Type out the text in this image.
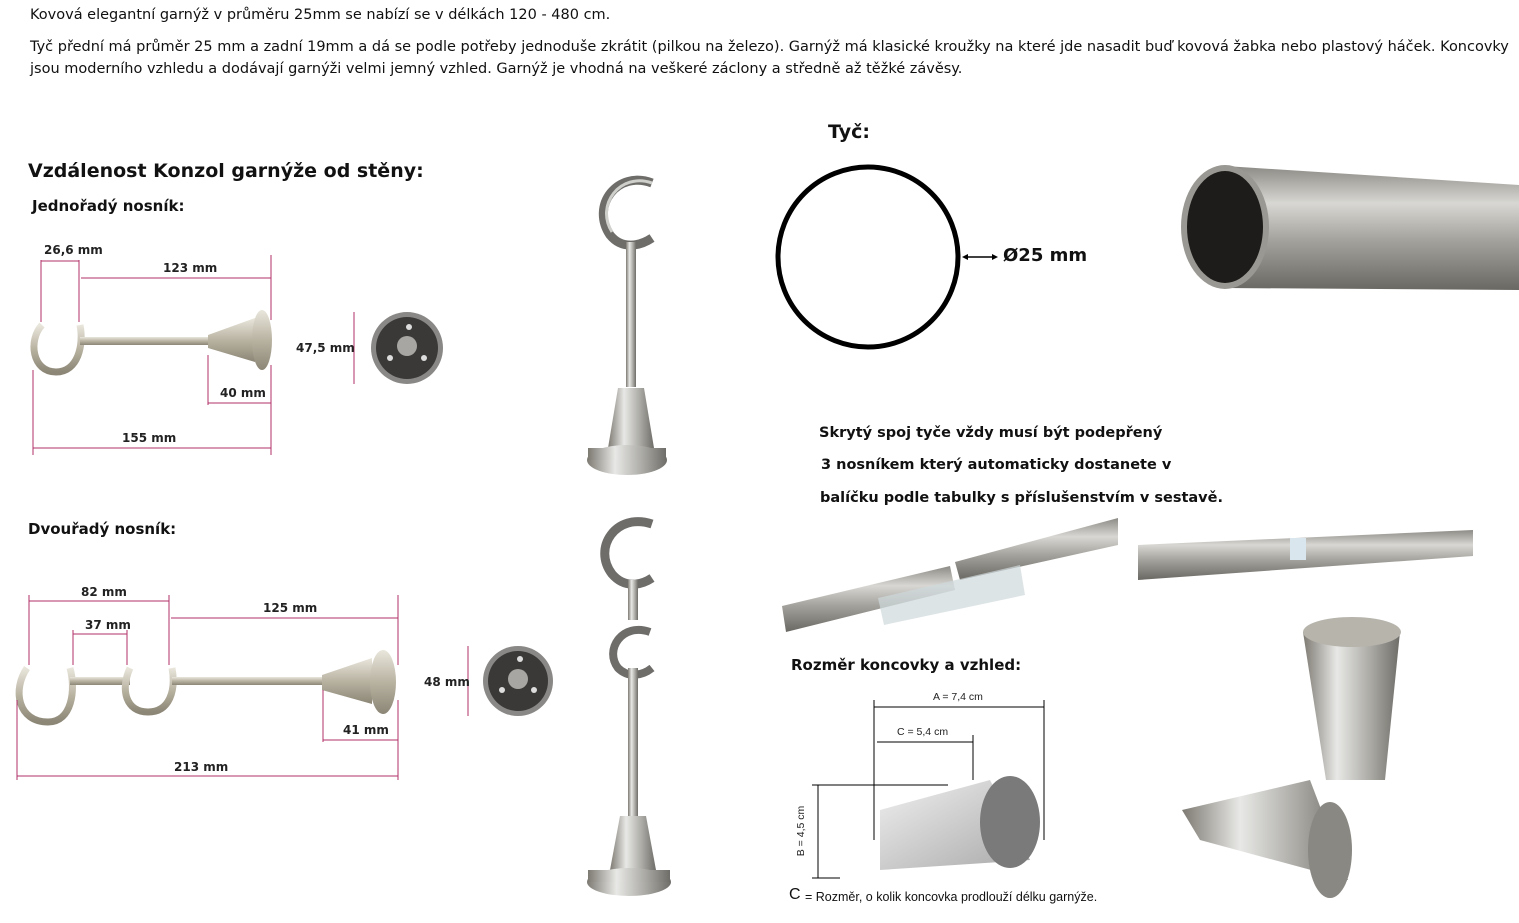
Kovová elegantní garnýž v průměru 25mm se nabízí se v délkách 120 - 480 cm.
Tyč přední má průměr 25 mm a zadní 19mm a dá se podle potřeby jednoduše zkrátit (pilkou na železo). Garnýž má klasické kroužky na které jde nasadit buď kovová žabka nebo plastový háček. Koncovky
jsou moderního vzhledu a dodávají garnýži velmi jemný vzhled. Garnýž je vhodná na veškeré záclony a středně až těžké závěsy.
Vzdálenost Konzol garnýže od stěny:
Jednořadý nosník:
26,6 mm
123 mm
40 mm
155 mm
47,5 mm
Dvouřadý nosník:
82 mm
37 mm
125 mm
41 mm
213 mm
48 mm
Tyč:
Ø25 mm
Skrytý spoj tyče vždy musí být podepřený
3 nosníkem který automaticky dostanete v
balíčku podle tabulky s příslušenstvím v sestavě.
Rozměr koncovky a vzhled:
A = 7,4 cm
C = 5,4 cm
B = 4,5 cm
C = Rozměr, o kolik koncovka prodlouží délku garnýže.
